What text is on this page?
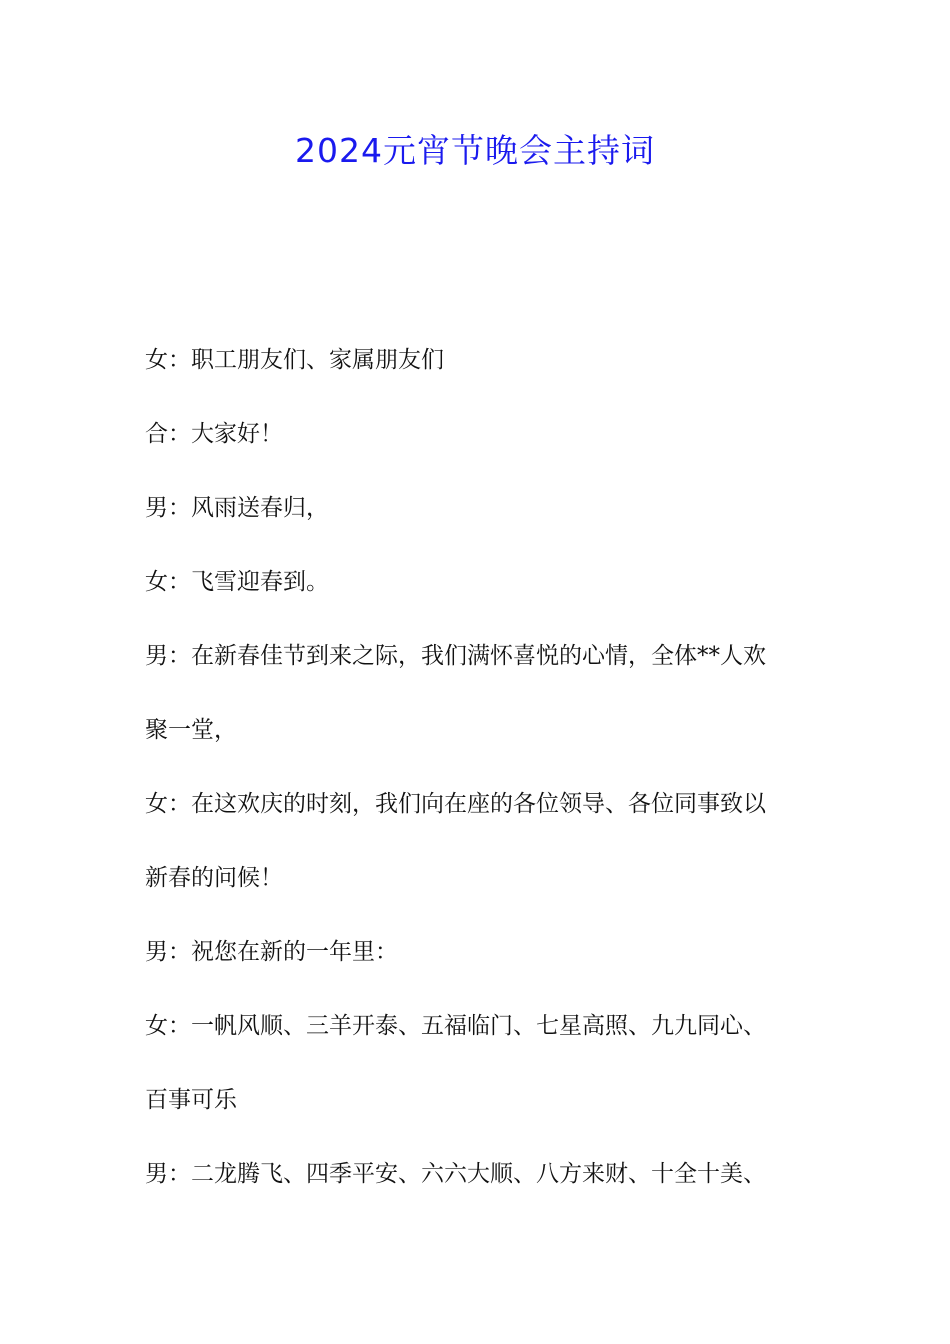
2024元宵节晚会主持词
女：职工朋友们、家属朋友们
合：大家好！
男：风雨送春归，
女：飞雪迎春到。
男：在新春佳节到来之际，我们满怀喜悦的心情，全体**人欢
聚一堂，
女：在这欢庆的时刻，我们向在座的各位领导、各位同事致以
新春的问候！
男：祝您在新的一年里：
女：一帆风顺、三羊开泰、五福临门、七星高照、九九同心、
百事可乐
男：二龙腾飞、四季平安、六六大顺、八方来财、十全十美、
